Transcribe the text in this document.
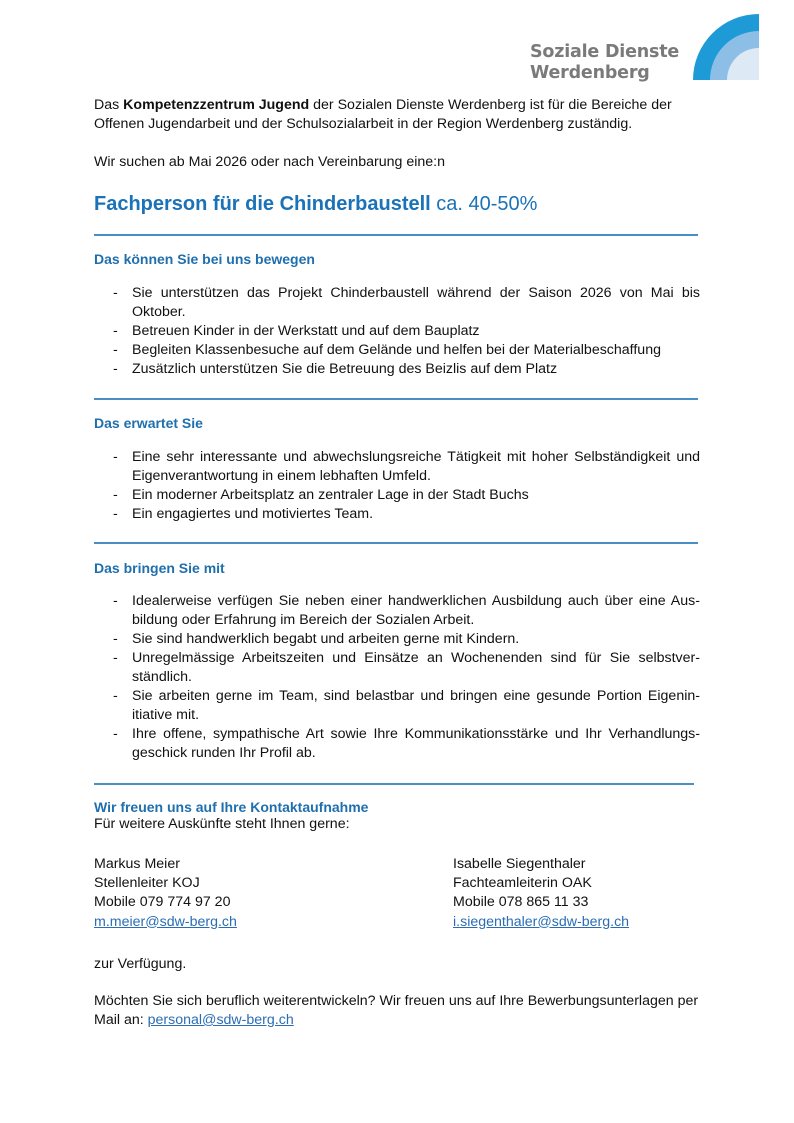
Soziale Dienste
Werdenberg

Das Kompetenzzentrum Jugend der Sozialen Dienste Werdenberg ist für die Bereiche der Offenen Jugendarbeit und der Schulsozialarbeit in der Region Werdenberg zuständig.

Wir suchen ab Mai 2026 oder nach Vereinbarung eine:n

Fachperson für die Chinderbaustell ca. 40-50%
Das können Sie bei uns bewegen
- Sie unterstützen das Projekt Chinderbaustell während der Saison 2026 von Mai bis Oktober.
- Betreuen Kinder in der Werkstatt und auf dem Bauplatz
- Begleiten Klassenbesuche auf dem Gelände und helfen bei der Materialbeschaffung
- Zusätzlich unterstützen Sie die Betreuung des Beizlis auf dem Platz
Das erwartet Sie
- Eine sehr interessante und abwechslungsreiche Tätigkeit mit hoher Selbständigkeit und Eigenverantwortung in einem lebhaften Umfeld.
- Ein moderner Arbeitsplatz an zentraler Lage in der Stadt Buchs
- Ein engagiertes und motiviertes Team.
Das bringen Sie mit
- Idealerweise verfügen Sie neben einer handwerklichen Ausbildung auch über eine Ausbildung oder Erfahrung im Bereich der Sozialen Arbeit.
- Sie sind handwerklich begabt und arbeiten gerne mit Kindern.
- Unregelmässige Arbeitszeiten und Einsätze an Wochenenden sind für Sie selbstverständlich.
- Sie arbeiten gerne im Team, sind belastbar und bringen eine gesunde Portion Eigeninitiative mit.
- Ihre offene, sympathische Art sowie Ihre Kommunikationsstärke und Ihr Verhandlungsgeschick runden Ihr Profil ab.
Wir freuen uns auf Ihre Kontaktaufnahme

Für weitere Auskünfte steht Ihnen gerne:

Markus Meier

Stellenleiter KOJ

Mobile 079 774 97 20

m.meier@sdw-berg.ch

Isabelle Siegenthaler

Fachteamleiterin OAK

Mobile 078 865 11 33

i.siegenthaler@sdw-berg.ch

zur Verfügung.

Möchten Sie sich beruflich weiterentwickeln? Wir freuen uns auf Ihre Bewerbungsunterlagen per Mail an: personal@sdw-berg.ch
